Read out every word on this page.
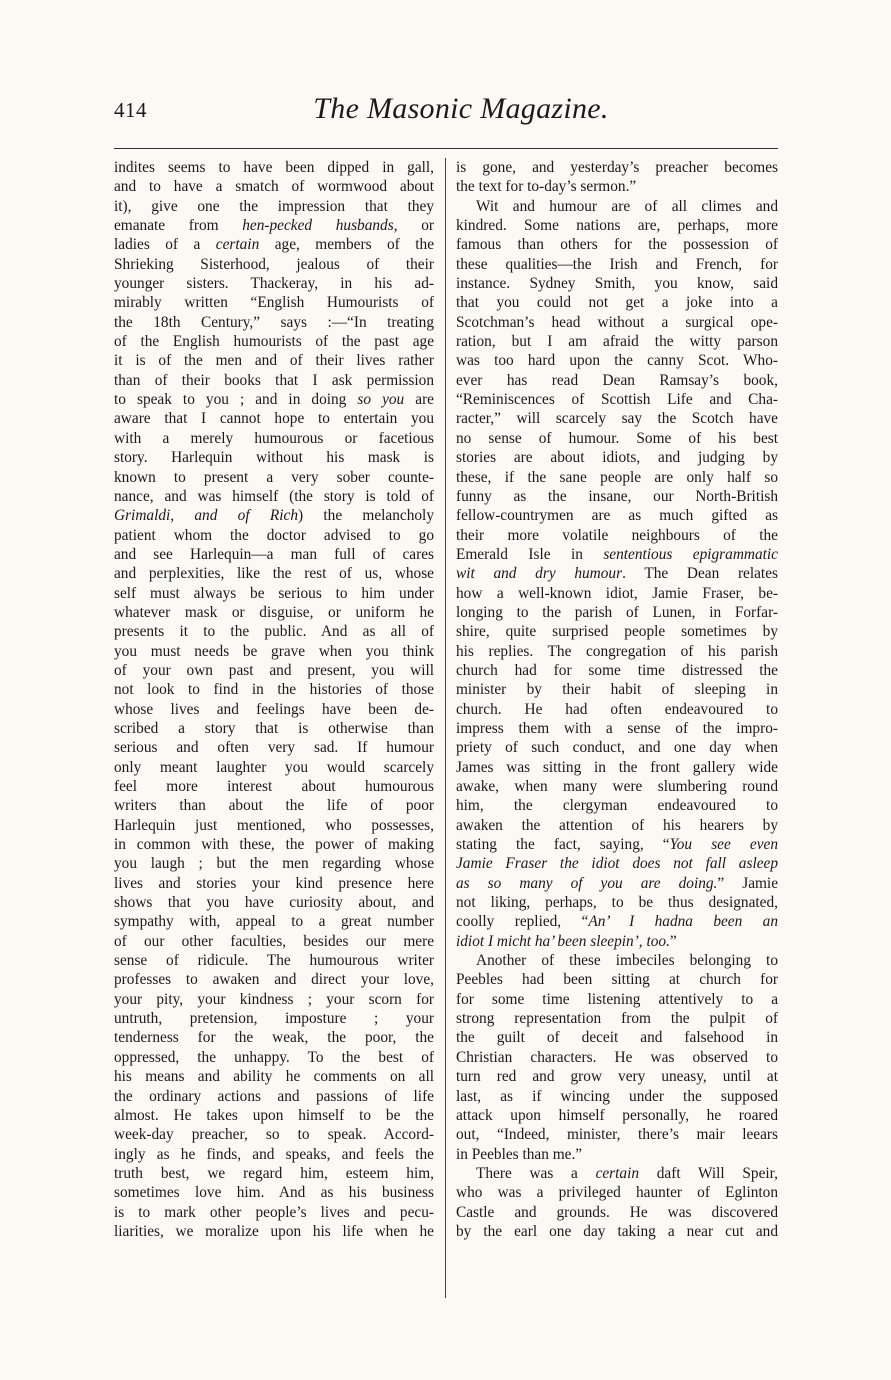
414	The Masonic Magazine.
indites seems to have been dipped in gall,
and to have a smatch of wormwood about
it), give one the impression that they
emanate from hen-pecked husbands, or
ladies of a certain age, members of the
Shrieking Sisterhood, jealous of their
younger sisters. Thackeray, in his ad-
mirably written “English Humourists of
the 18th Century,” says :—“In treating
of the English humourists of the past age
it is of the men and of their lives rather
than of their books that I ask permission
to speak to you ; and in doing so you are
aware that I cannot hope to entertain you
with a merely humourous or facetious
story. Harlequin without his mask is
known to present a very sober counte-
nance, and was himself (the story is told of
Grimaldi, and of Rich) the melancholy
patient whom the doctor advised to go
and see Harlequin—a man full of cares
and perplexities, like the rest of us, whose
self must always be serious to him under
whatever mask or disguise, or uniform he
presents it to the public. And as all of
you must needs be grave when you think
of your own past and present, you will
not look to find in the histories of those
whose lives and feelings have been de-
scribed a story that is otherwise than
serious and often very sad. If humour
only meant laughter you would scarcely
feel more interest about humourous
writers than about the life of poor
Harlequin just mentioned, who possesses,
in common with these, the power of making
you laugh ; but the men regarding whose
lives and stories your kind presence here
shows that you have curiosity about, and
sympathy with, appeal to a great number
of our other faculties, besides our mere
sense of ridicule. The humourous writer
professes to awaken and direct your love,
your pity, your kindness ; your scorn for
untruth, pretension, imposture ; your
tenderness for the weak, the poor, the
oppressed, the unhappy. To the best of
his means and ability he comments on all
the ordinary actions and passions of life
almost. He takes upon himself to be the
week-day preacher, so to speak. Accord-
ingly as he finds, and speaks, and feels the
truth best, we regard him, esteem him,
sometimes love him. And as his business
is to mark other people’s lives and pecu-
liarities, we moralize upon his life when he
is gone, and yesterday’s preacher becomes
the text for to-day’s sermon.”
Wit and humour are of all climes and
kindred. Some nations are, perhaps, more
famous than others for the possession of
these qualities—the Irish and French, for
instance. Sydney Smith, you know, said
that you could not get a joke into a
Scotchman’s head without a surgical ope-
ration, but I am afraid the witty parson
was too hard upon the canny Scot. Who-
ever has read Dean Ramsay’s book,
“Reminiscences of Scottish Life and Cha-
racter,” will scarcely say the Scotch have
no sense of humour. Some of his best
stories are about idiots, and judging by
these, if the sane people are only half so
funny as the insane, our North-British
fellow-countrymen are as much gifted as
their more volatile neighbours of the
Emerald Isle in sententious epigrammatic
wit and dry humour. The Dean relates
how a well-known idiot, Jamie Fraser, be-
longing to the parish of Lunen, in Forfar-
shire, quite surprised people sometimes by
his replies. The congregation of his parish
church had for some time distressed the
minister by their habit of sleeping in
church. He had often endeavoured to
impress them with a sense of the impro-
priety of such conduct, and one day when
James was sitting in the front gallery wide
awake, when many were slumbering round
him, the clergyman endeavoured to
awaken the attention of his hearers by
stating the fact, saying, “You see even
Jamie Fraser the idiot does not fall asleep
as so many of you are doing.” Jamie
not liking, perhaps, to be thus designated,
coolly replied, “An’ I hadna been an
idiot I micht ha’ been sleepin’, too.”
Another of these imbeciles belonging to
Peebles had been sitting at church for
for some time listening attentively to a
strong representation from the pulpit of
the guilt of deceit and falsehood in
Christian characters. He was observed to
turn red and grow very uneasy, until at
last, as if wincing under the supposed
attack upon himself personally, he roared
out, “Indeed, minister, there’s mair leears
in Peebles than me.”
There was a certain daft Will Speir,
who was a privileged haunter of Eglinton
Castle and grounds. He was discovered
by the earl one day taking a near cut and
